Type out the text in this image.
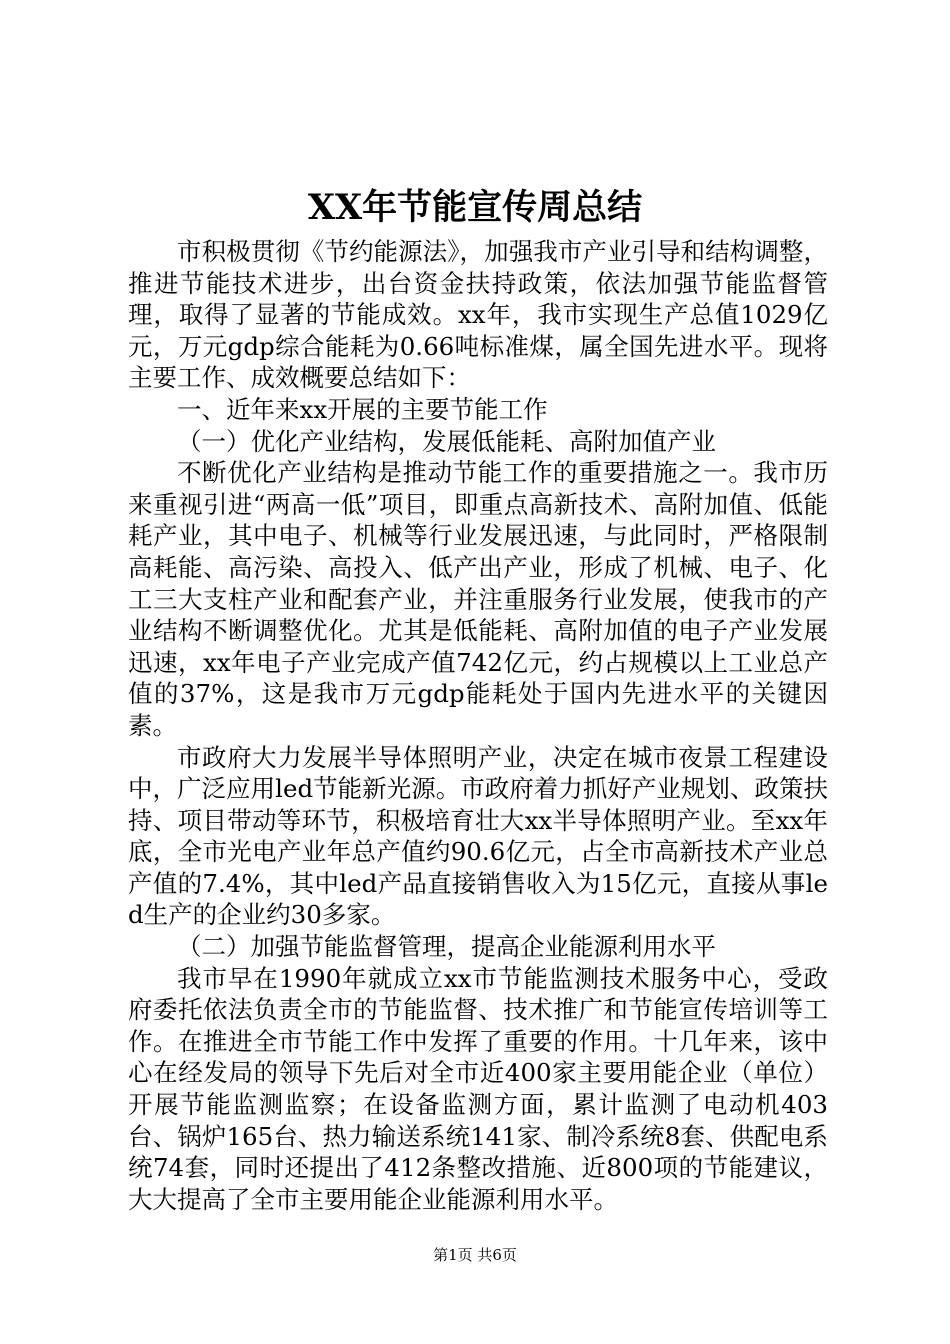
XX年节能宣传周总结

市积极贯彻《节约能源法》，加强我市产业引导和结构调整，推进节能技术进步，出台资金扶持政策，依法加强节能监督管理，取得了显著的节能成效。xx年，我市实现生产总值1029亿元，万元gdp综合能耗为0.66吨标准煤，属全国先进水平。现将主要工作、成效概要总结如下：

一、近年来xx开展的主要节能工作

（一）优化产业结构，发展低能耗、高附加值产业

不断优化产业结构是推动节能工作的重要措施之一。我市历来重视引进“两高一低”项目，即重点高新技术、高附加值、低能耗产业，其中电子、机械等行业发展迅速，与此同时，严格限制高耗能、高污染、高投入、低产出产业，形成了机械、电子、化工三大支柱产业和配套产业，并注重服务行业发展，使我市的产业结构不断调整优化。尤其是低能耗、高附加值的电子产业发展迅速，xx年电子产业完成产值742亿元，约占规模以上工业总产值的37%，这是我市万元gdp能耗处于国内先进水平的关键因素。

市政府大力发展半导体照明产业，决定在城市夜景工程建设中，广泛应用led节能新光源。市政府着力抓好产业规划、政策扶持、项目带动等环节，积极培育壮大xx半导体照明产业。至xx年底，全市光电产业年总产值约90.6亿元，占全市高新技术产业总产值的7.4%，其中led产品直接销售收入为15亿元，直接从事led生产的企业约30多家。

（二）加强节能监督管理，提高企业能源利用水平

我市早在1990年就成立xx市节能监测技术服务中心，受政府委托依法负责全市的节能监督、技术推广和节能宣传培训等工作。在推进全市节能工作中发挥了重要的作用。十几年来，该中心在经发局的领导下先后对全市近400家主要用能企业（单位）开展节能监测监察；在设备监测方面，累计监测了电动机403台、锅炉165台、热力输送系统141家、制冷系统8套、供配电系统74套，同时还提出了412条整改措施、近800项的节能建议，大大提高了全市主要用能企业能源利用水平。

第1页 共6页
